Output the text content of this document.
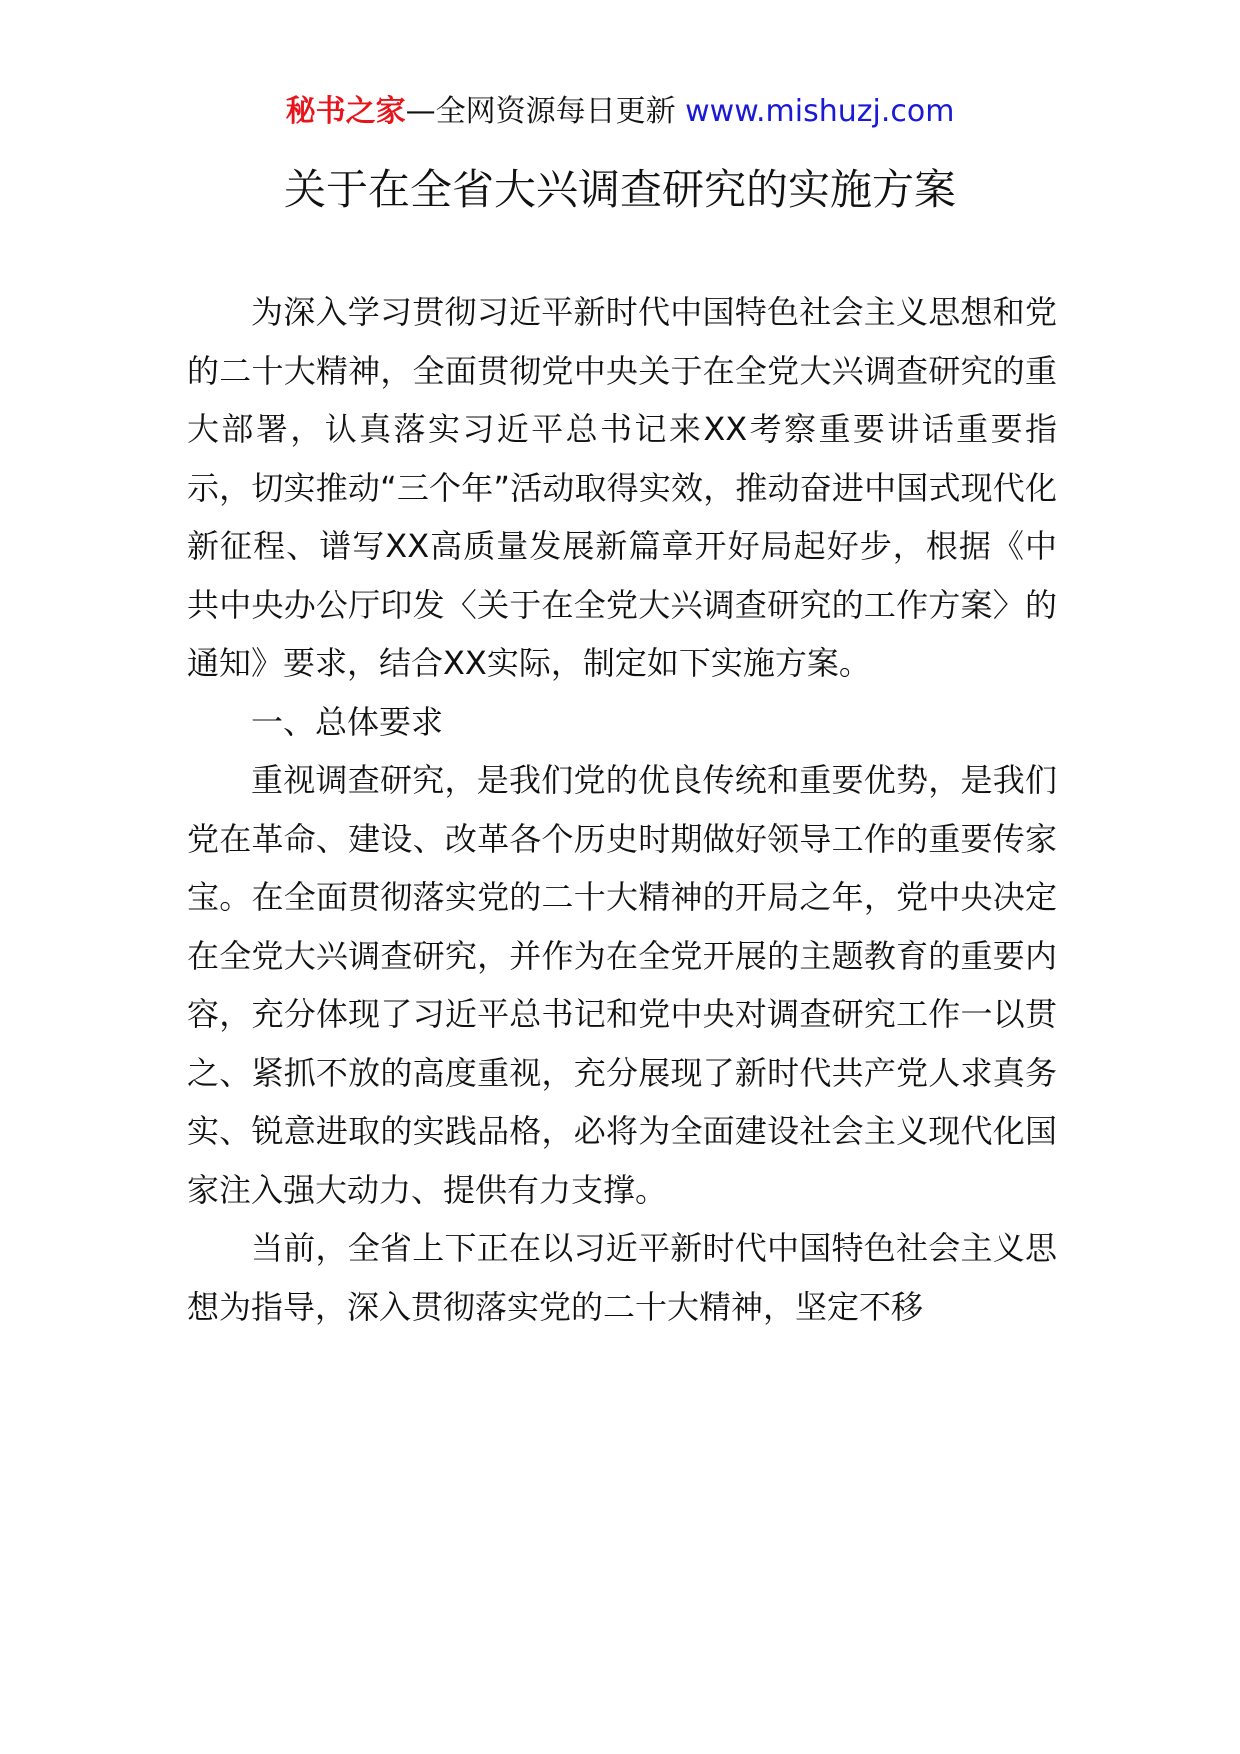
秘书之家—全网资源每日更新 www.mishuzj.com
关于在全省大兴调查研究的实施方案

为深入学习贯彻习近平新时代中国特色社会主义思想和党的二十大精神，全面贯彻党中央关于在全党大兴调查研究的重大部署，认真落实习近平总书记来XX考察重要讲话重要指示，切实推动“三个年”活动取得实效，推动奋进中国式现代化新征程、谱写XX高质量发展新篇章开好局起好步，根据《中共中央办公厅印发〈关于在全党大兴调查研究的工作方案〉的通知》要求，结合XX实际，制定如下实施方案。

一、总体要求

重视调查研究，是我们党的优良传统和重要优势，是我们党在革命、建设、改革各个历史时期做好领导工作的重要传家宝。在全面贯彻落实党的二十大精神的开局之年，党中央决定在全党大兴调查研究，并作为在全党开展的主题教育的重要内容，充分体现了习近平总书记和党中央对调查研究工作一以贯之、紧抓不放的高度重视，充分展现了新时代共产党人求真务实、锐意进取的实践品格，必将为全面建设社会主义现代化国家注入强大动力、提供有力支撑。

当前，全省上下正在以习近平新时代中国特色社会主义思想为指导，深入贯彻落实党的二十大精神，坚定不移
